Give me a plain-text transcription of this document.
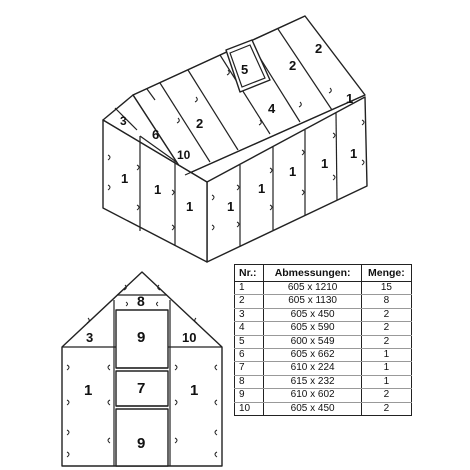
3
6
2
10
5	2
2
4
1
1
1	1
1
1
1
1
1
8
3	9	10
1	7	1
9
Nr.:	Abmessungen:	Menge:
1	605 x 1210	15
2	605 x 1130	8
3	605 x 450	2
4	605 x 590	2
5	600 x 549	2
6	605 x 662	1
7	610 x 224	1
8	615 x 232	1
9	610 x 602	2
10	605 x 450	2
